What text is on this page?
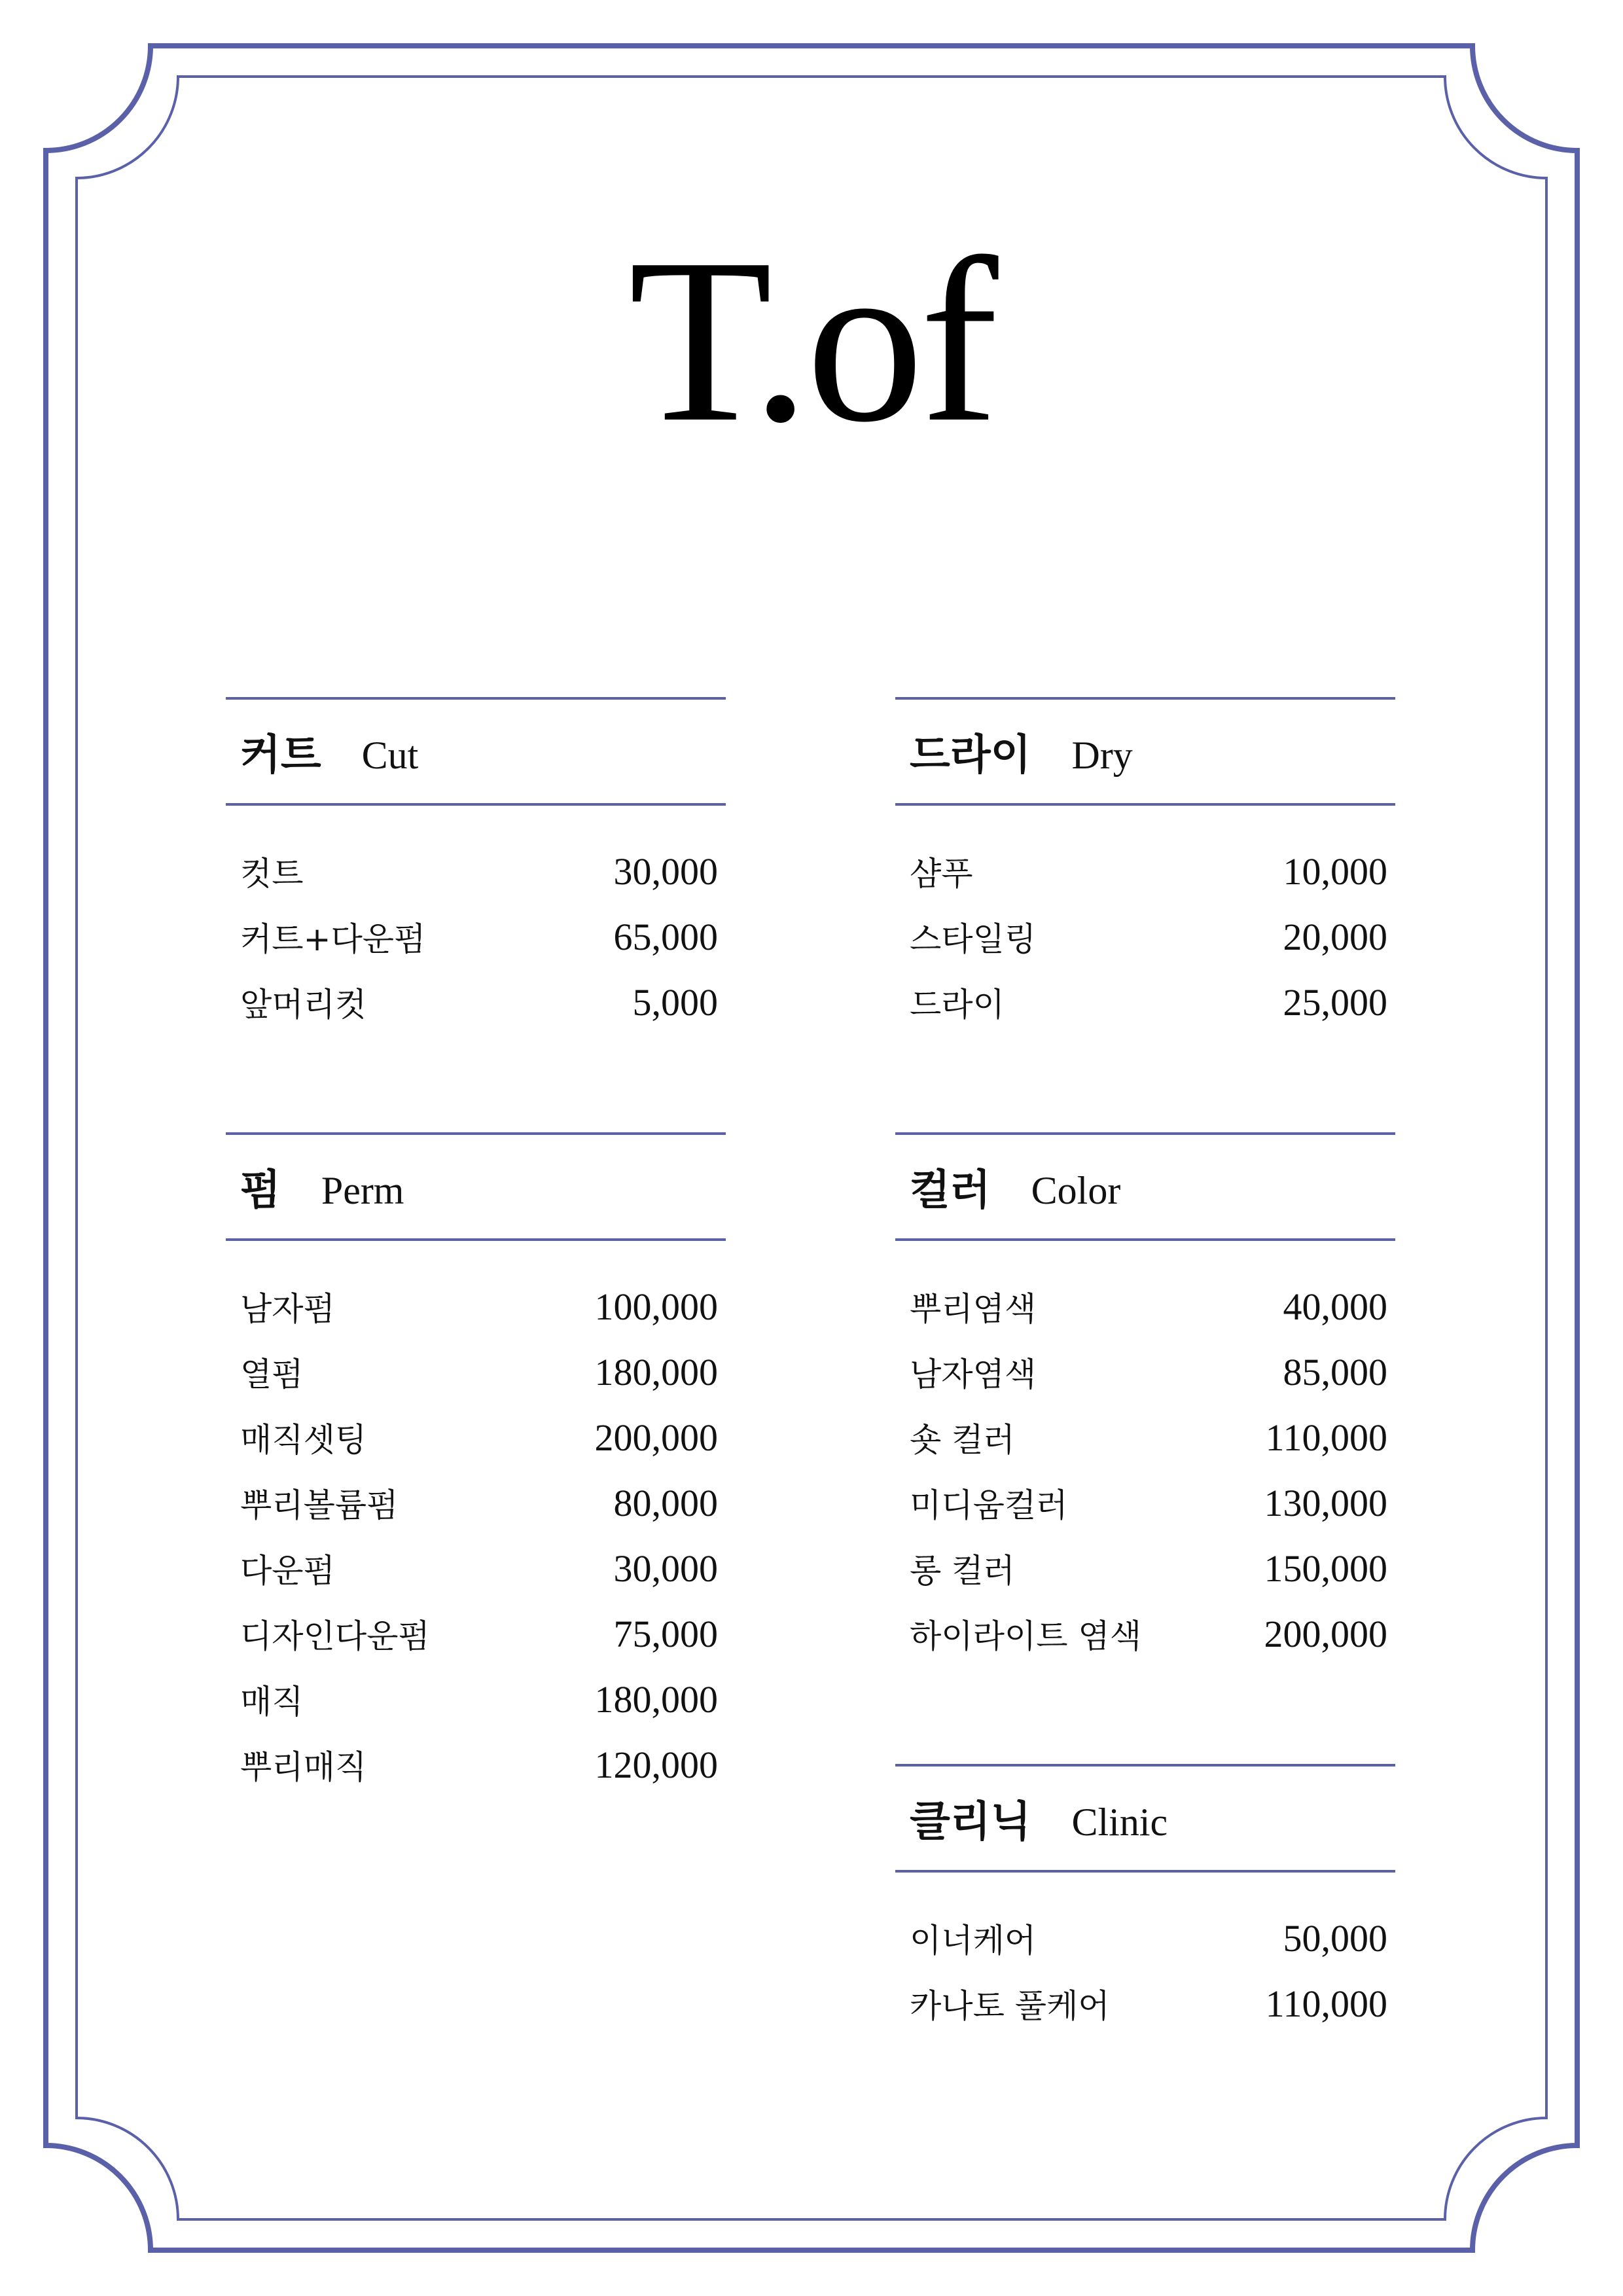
T.of
커트 Cut
컷트	30,000
커트+다운펌	65,000
앞머리컷	5,000
드라이 Dry
샴푸	10,000
스타일링	20,000
드라이	25,000
펌 Perm
남자펌	100,000
열펌	180,000
매직셋팅	200,000
뿌리볼륨펌	80,000
다운펌	30,000
디자인다운펌	75,000
매직	180,000
뿌리매직	120,000
컬러 Color
뿌리염색	40,000
남자염색	85,000
숏 컬러	110,000
미디움컬러	130,000
롱 컬러	150,000
하이라이트 염색	200,000
클리닉 Clinic
이너케어	50,000
카나토 풀케어	110,000
